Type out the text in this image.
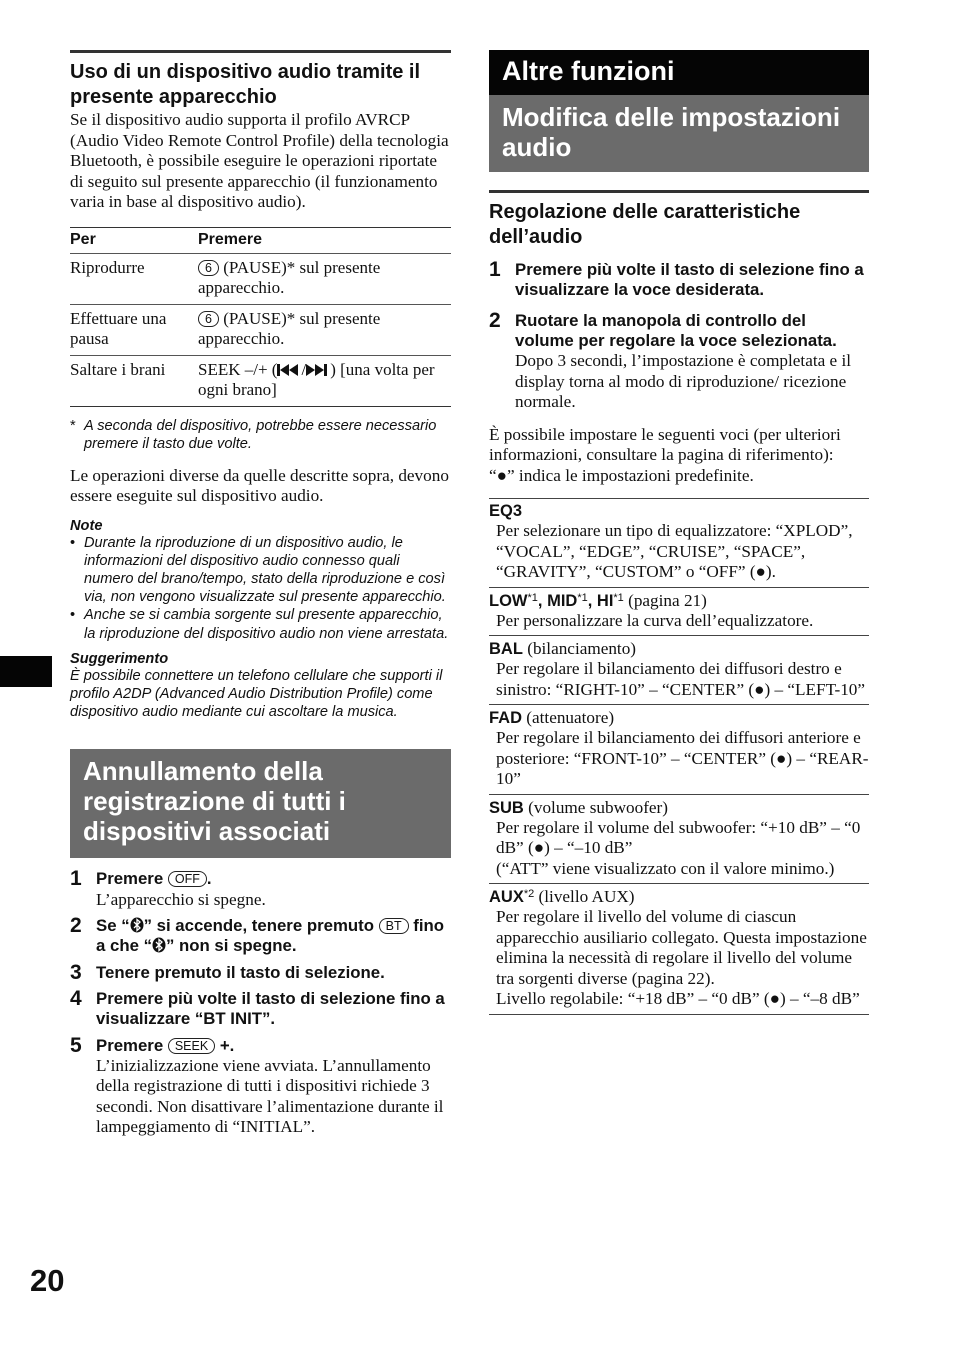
Uso di un dispositivo audio tramite il presente apparecchio

Se il dispositivo audio supporta il profilo AVRCP (Audio Video Remote Control Profile) della tecnologia Bluetooth, è possibile eseguire le operazioni riportate di seguito sul presente apparecchio (il funzionamento varia in base al dispositivo audio).

Per	Premere
Riprodurre	6 (PAUSE)* sul presente apparecchio.
Effettuare una pausa	6 (PAUSE)* sul presente apparecchio.
Saltare i brani	SEEK –/+ ( / ) [una volta per ogni brano]
* A seconda del dispositivo, potrebbe essere necessario premere il tasto due volte.

Le operazioni diverse da quelle descritte sopra, devono essere eseguite sul dispositivo audio.

Note
• Durante la riproduzione di un dispositivo audio, le informazioni del dispositivo audio connesso quali numero del brano/tempo, stato della riproduzione e così via, non vengono visualizzate sul presente apparecchio.
• Anche se si cambia sorgente sul presente apparecchio, la riproduzione del dispositivo audio non viene arrestata.
Suggerimento

È possibile connettere un telefono cellulare che supporti il profilo A2DP (Advanced Audio Distribution Profile) come dispositivo audio mediante cui ascoltare la musica.

Annullamento della registrazione di tutti i dispositivi associati
1 Premere OFF .
L’apparecchio si spegne.
2 Se “ ” si accende, tenere premuto BT fino a che “ ” non si spegne.
3 Tenere premuto il tasto di selezione.
4 Premere più volte il tasto di selezione fino a visualizzare “BT INIT”.
5 Premere SEEK +.
L’inizializzazione viene avviata. L’annullamento della registrazione di tutti i dispositivi richiede 3 secondi. Non disattivare l’alimentazione durante il lampeggiamento di “INITIAL”.
Altre funzioni
Modifica delle impostazioni audio
Regolazione delle caratteristiche dell’audio
1 Premere più volte il tasto di selezione fino a visualizzare la voce desiderata.
2 Ruotare la manopola di controllo del volume per regolare la voce selezionata.
Dopo 3 secondi, l’impostazione è completata e il display torna al modo di riproduzione/ ricezione normale.

È possibile impostare le seguenti voci (per ulteriori informazioni, consultare la pagina di riferimento):

“●” indica le impostazioni predefinite.

EQ3
Per selezionare un tipo di equalizzatore: “XPLOD”, “VOCAL”, “EDGE”, “CRUISE”, “SPACE”, “GRAVITY”, “CUSTOM” o “OFF” (●).
LOW$^{*1}$, MID$^{*1}$, HI$^{*1}$ (pagina 21)
Per personalizzare la curva dell’equalizzatore.
BAL (bilanciamento)
Per regolare il bilanciamento dei diffusori destro e sinistro: “RIGHT-10” – “CENTER” (●) – “LEFT-10”
FAD (attenuatore)
Per regolare il bilanciamento dei diffusori anteriore e posteriore: “FRONT-10” – “CENTER” (●) – “REAR-10”
SUB (volume subwoofer)
Per regolare il volume del subwoofer: “+10 dB” – “0 dB” (●) – “–10 dB”
(“ATT” viene visualizzato con il valore minimo.)
AUX$^{*2}$ (livello AUX)
Per regolare il livello del volume di ciascun apparecchio ausiliario collegato. Questa impostazione elimina la necessità di regolare il livello del volume tra sorgenti diverse (pagina 22).
Livello regolabile: “+18 dB” – “0 dB” (●) – “–8 dB”
20
